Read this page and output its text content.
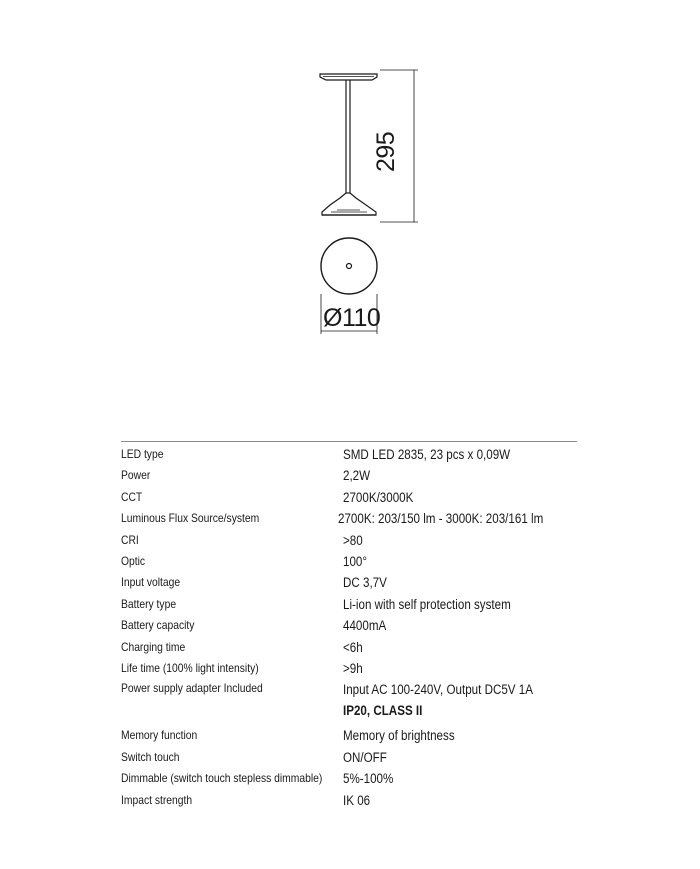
295
Ø110
LED type	SMD LED 2835, 23 pcs x 0,09W
Power	2,2W
CCT	2700K/3000K
Luminous Flux Source/system	2700K: 203/150 lm - 3000K: 203/161 lm
CRI	>80
Optic	100°
Input voltage	DC 3,7V
Battery type	Li-ion with self protection system
Battery capacity	4400mA
Charging time	<6h
Life time (100% light intensity)	>9h
Power supply adapter Included	Input AC 100-240V, Output DC5V 1A
IP20, CLASS II
Memory function	Memory of brightness
Switch touch	ON/OFF
Dimmable (switch touch stepless dimmable) 5%-100%
Impact strength	IK 06
